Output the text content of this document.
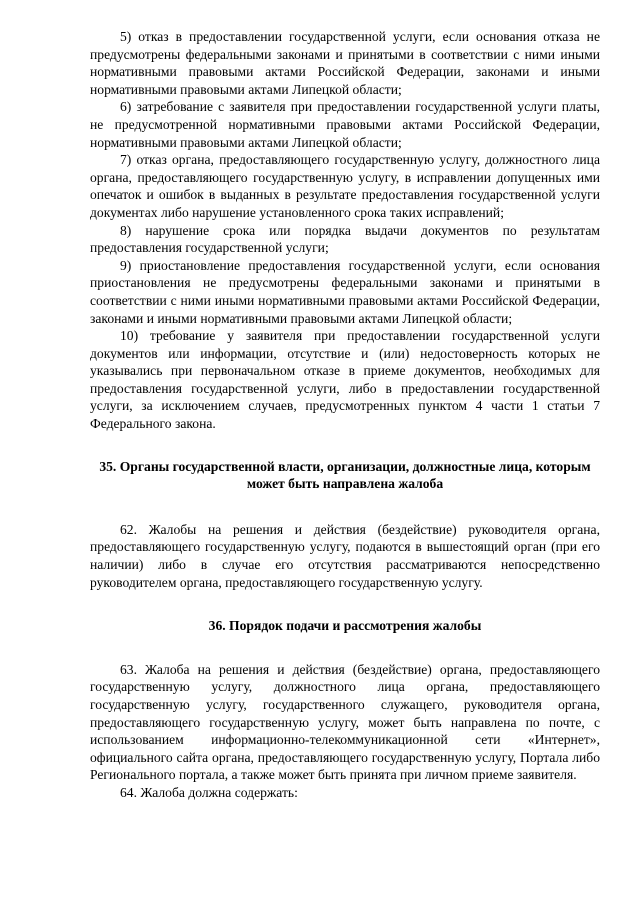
5) отказ в предоставлении государственной услуги, если основания отказа не предусмотрены федеральными законами и принятыми в соответствии с ними иными нормативными правовыми актами Российской Федерации, законами и иными нормативными правовыми актами Липецкой области;

6) затребование с заявителя при предоставлении государственной услуги платы, не предусмотренной нормативными правовыми актами Российской Федерации, нормативными правовыми актами Липецкой области;

7) отказ органа, предоставляющего государственную услугу, должностного лица органа, предоставляющего государственную услугу, в исправлении допущенных ими опечаток и ошибок в выданных в результате предоставления государственной услуги документах либо нарушение установленного срока таких исправлений;

8) нарушение срока или порядка выдачи документов по результатам предоставления государственной услуги;

9) приостановление предоставления государственной услуги, если основания приостановления не предусмотрены федеральными законами и принятыми в соответствии с ними иными нормативными правовыми актами Российской Федерации, законами и иными нормативными правовыми актами Липецкой области;

10) требование у заявителя при предоставлении государственной услуги документов или информации, отсутствие и (или) недостоверность которых не указывались при первоначальном отказе в приеме документов, необходимых для предоставления государственной услуги, либо в предоставлении государственной услуги, за исключением случаев, предусмотренных пунктом 4 части 1 статьи 7 Федерального закона.

35. Органы государственной власти, организации, должностные лица, которым может быть направлена жалоба

62. Жалобы на решения и действия (бездействие) руководителя органа, предоставляющего государственную услугу, подаются в вышестоящий орган (при его наличии) либо в случае его отсутствия рассматриваются непосредственно руководителем органа, предоставляющего государственную услугу.

36. Порядок подачи и рассмотрения жалобы

63. Жалоба на решения и действия (бездействие) органа, предоставляющего государственную услугу, должностного лица органа, предоставляющего государственную услугу, государственного служащего, руководителя органа, предоставляющего государственную услугу, может быть направлена по почте, с использованием информационно-телекоммуникационной сети «Интернет», официального сайта органа, предоставляющего государственную услугу, Портала либо Регионального портала, а также может быть принята при личном приеме заявителя.

64. Жалоба должна содержать:
